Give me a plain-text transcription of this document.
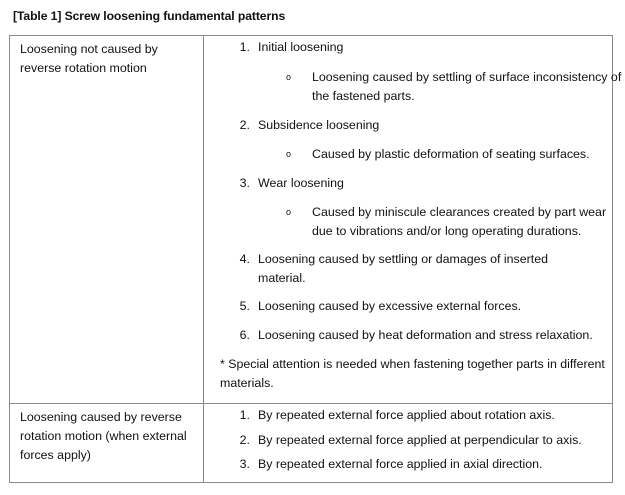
[Table 1] Screw loosening fundamental patterns
Loosening not caused by reverse rotation motion
1. Initial loosening
o Loosening caused by settling of surface inconsistency of the fastened parts.
2. Subsidence loosening
o Caused by plastic deformation of seating surfaces.
3. Wear loosening
o Caused by miniscule clearances created by part wear due to vibrations and/or long operating durations.
4. Loosening caused by settling or damages of inserted material.
5. Loosening caused by excessive external forces.
6. Loosening caused by heat deformation and stress relaxation.
* Special attention is needed when fastening together parts in different materials.
Loosening caused by reverse rotation motion (when external forces apply)
1. By repeated external force applied about rotation axis.
2. By repeated external force applied at perpendicular to axis.
3. By repeated external force applied in axial direction.
